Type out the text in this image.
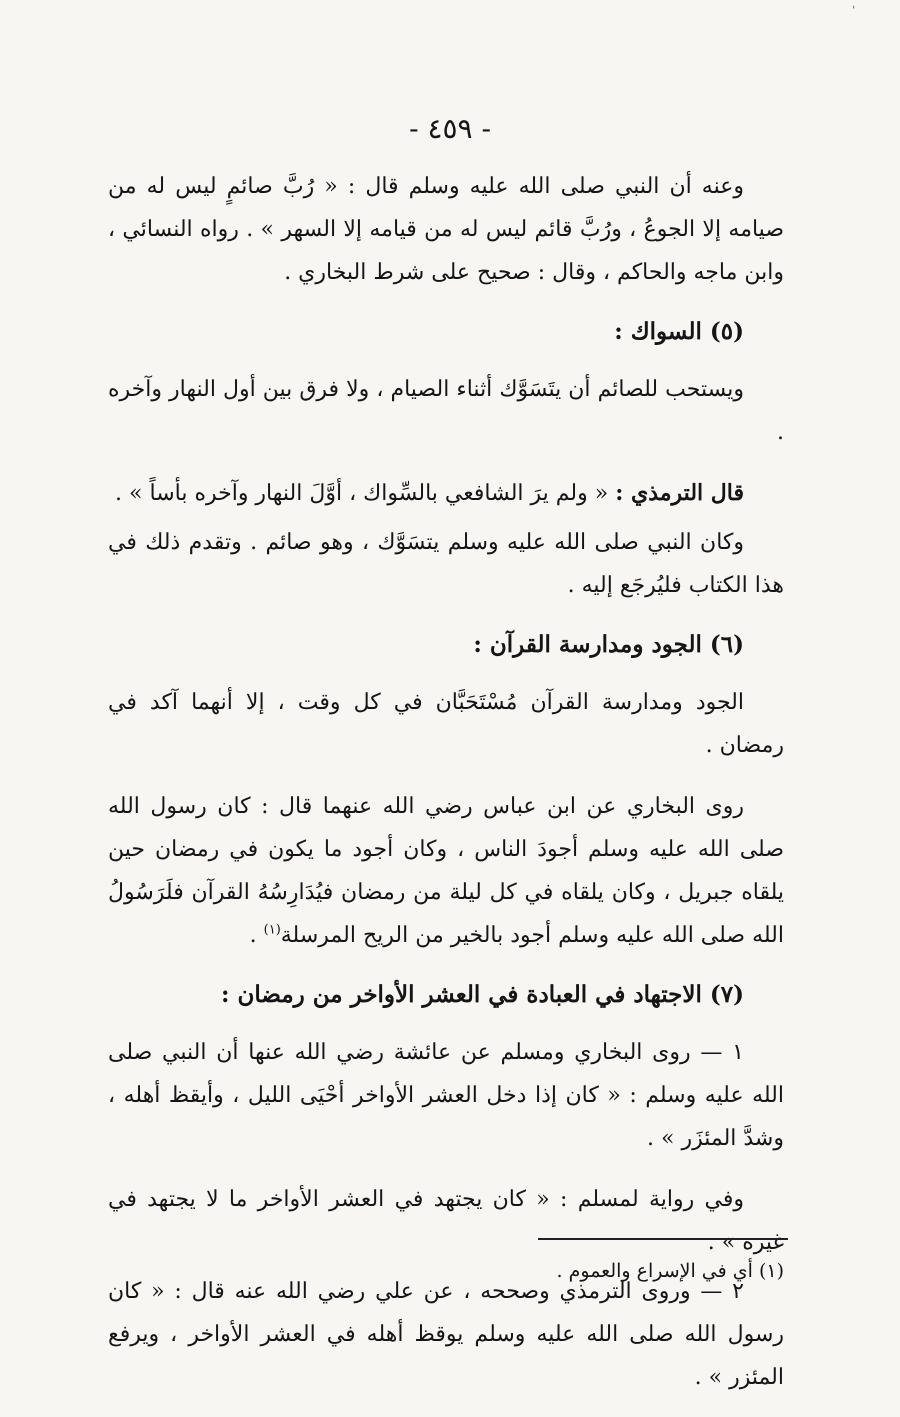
ˈ
- ٤٥٩ -

وعنه أن النبي صلى الله عليه وسلم قال : « رُبَّ صائمٍ ليس له من صيامه إلا الجوعُ ، ورُبَّ قائم ليس له من قيامه إلا السهر » . رواه النسائي ، وابن ماجه والحاكم ، وقال : صحيح على شرط البخاري .

(٥) السواك :

ويستحب للصائم أن يتَسَوَّك أثناء الصيام ، ولا فرق بين أول النهار وآخره .

قال الترمذي : « ولم يرَ الشافعي بالسِّواك ، أوَّلَ النهار وآخره بأساً » .

وكان النبي صلى الله عليه وسلم يتسَوَّك ، وهو صائم . وتقدم ذلك في هذا الكتاب فليُرجَع إليه .

(٦) الجود ومدارسة القرآن :

الجود ومدارسة القرآن مُسْتَحَبَّان في كل وقت ، إلا أنهما آكد في رمضان .

روى البخاري عن ابن عباس رضي الله عنهما قال : كان رسول الله صلى الله عليه وسلم أجودَ الناس ، وكان أجود ما يكون في رمضان حين يلقاه جبريل ، وكان يلقاه في كل ليلة من رمضان فيُدَارِسُهُ القرآن فلَرَسُولُ الله صلى الله عليه وسلم أجود بالخير من الريح المرسلة$^{(١)}$ .

(٧) الاجتهاد في العبادة في العشر الأواخر من رمضان :

١ — روى البخاري ومسلم عن عائشة رضي الله عنها أن النبي صلى الله عليه وسلم : « كان إذا دخل العشر الأواخر أحْيَى الليل ، وأيقظ أهله ، وشدَّ المئزَر » .

وفي رواية لمسلم : « كان يجتهد في العشر الأواخر ما لا يجتهد في غيره » .

٢ — وروى الترمذي وصححه ، عن علي رضي الله عنه قال : « كان رسول الله صلى الله عليه وسلم يوقظ أهله في العشر الأواخر ، ويرفع المئزر » .

(١) أي في الإسراع والعموم .
